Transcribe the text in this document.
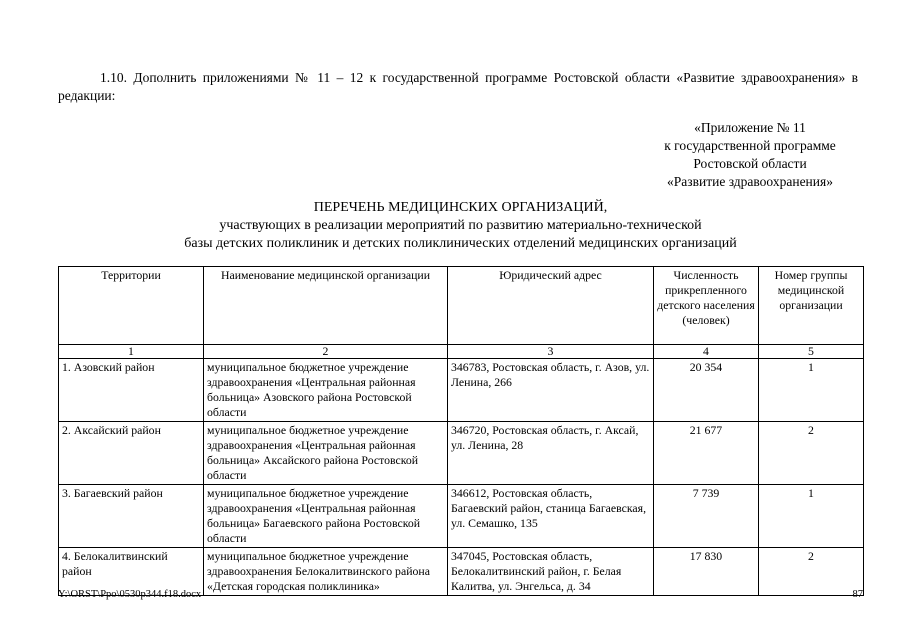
1.10. Дополнить приложениями № 11 – 12 к государственной программе Ростовской области «Развитие здравоохранения» в редакции:
«Приложение № 11
к государственной программе
Ростовской области
«Развитие здравоохранения»
ПЕРЕЧЕНЬ МЕДИЦИНСКИХ ОРГАНИЗАЦИЙ,
участвующих в реализации мероприятий по развитию материально-технической
базы детских поликлиник и детских поликлинических отделений медицинских организаций
Территории	Наименование медицинской организации	Юридический адрес	Численность прикрепленного детского населения (человек)	Номер группы медицинской организации
1	2	3	4	5
1. Азовский район	муниципальное бюджетное учреждение здравоохранения «Центральная районная больница» Азовского района Ростовской области	346783, Ростовская область, г. Азов, ул. Ленина, 266	20 354	1
2. Аксайский район	муниципальное бюджетное учреждение здравоохранения «Центральная районная больница» Аксайского района Ростовской области	346720, Ростовская область, г. Аксай, ул. Ленина, 28	21 677	2
3. Багаевский район	муниципальное бюджетное учреждение здравоохранения «Центральная районная больница» Багаевского района Ростовской области	346612, Ростовская область, Багаевский район, станица Багаевская, ул. Семашко, 135	7 739	1
4. Белокалитвинский район	муниципальное бюджетное учреждение здравоохранения Белокалитвинского района «Детская городская поликлиника»	347045, Ростовская область, Белокалитвинский район, г. Белая Калитва, ул. Энгельса, д. 34	17 830	2
Y:\ORST\Ppo\0530p344.f18.docx	87
